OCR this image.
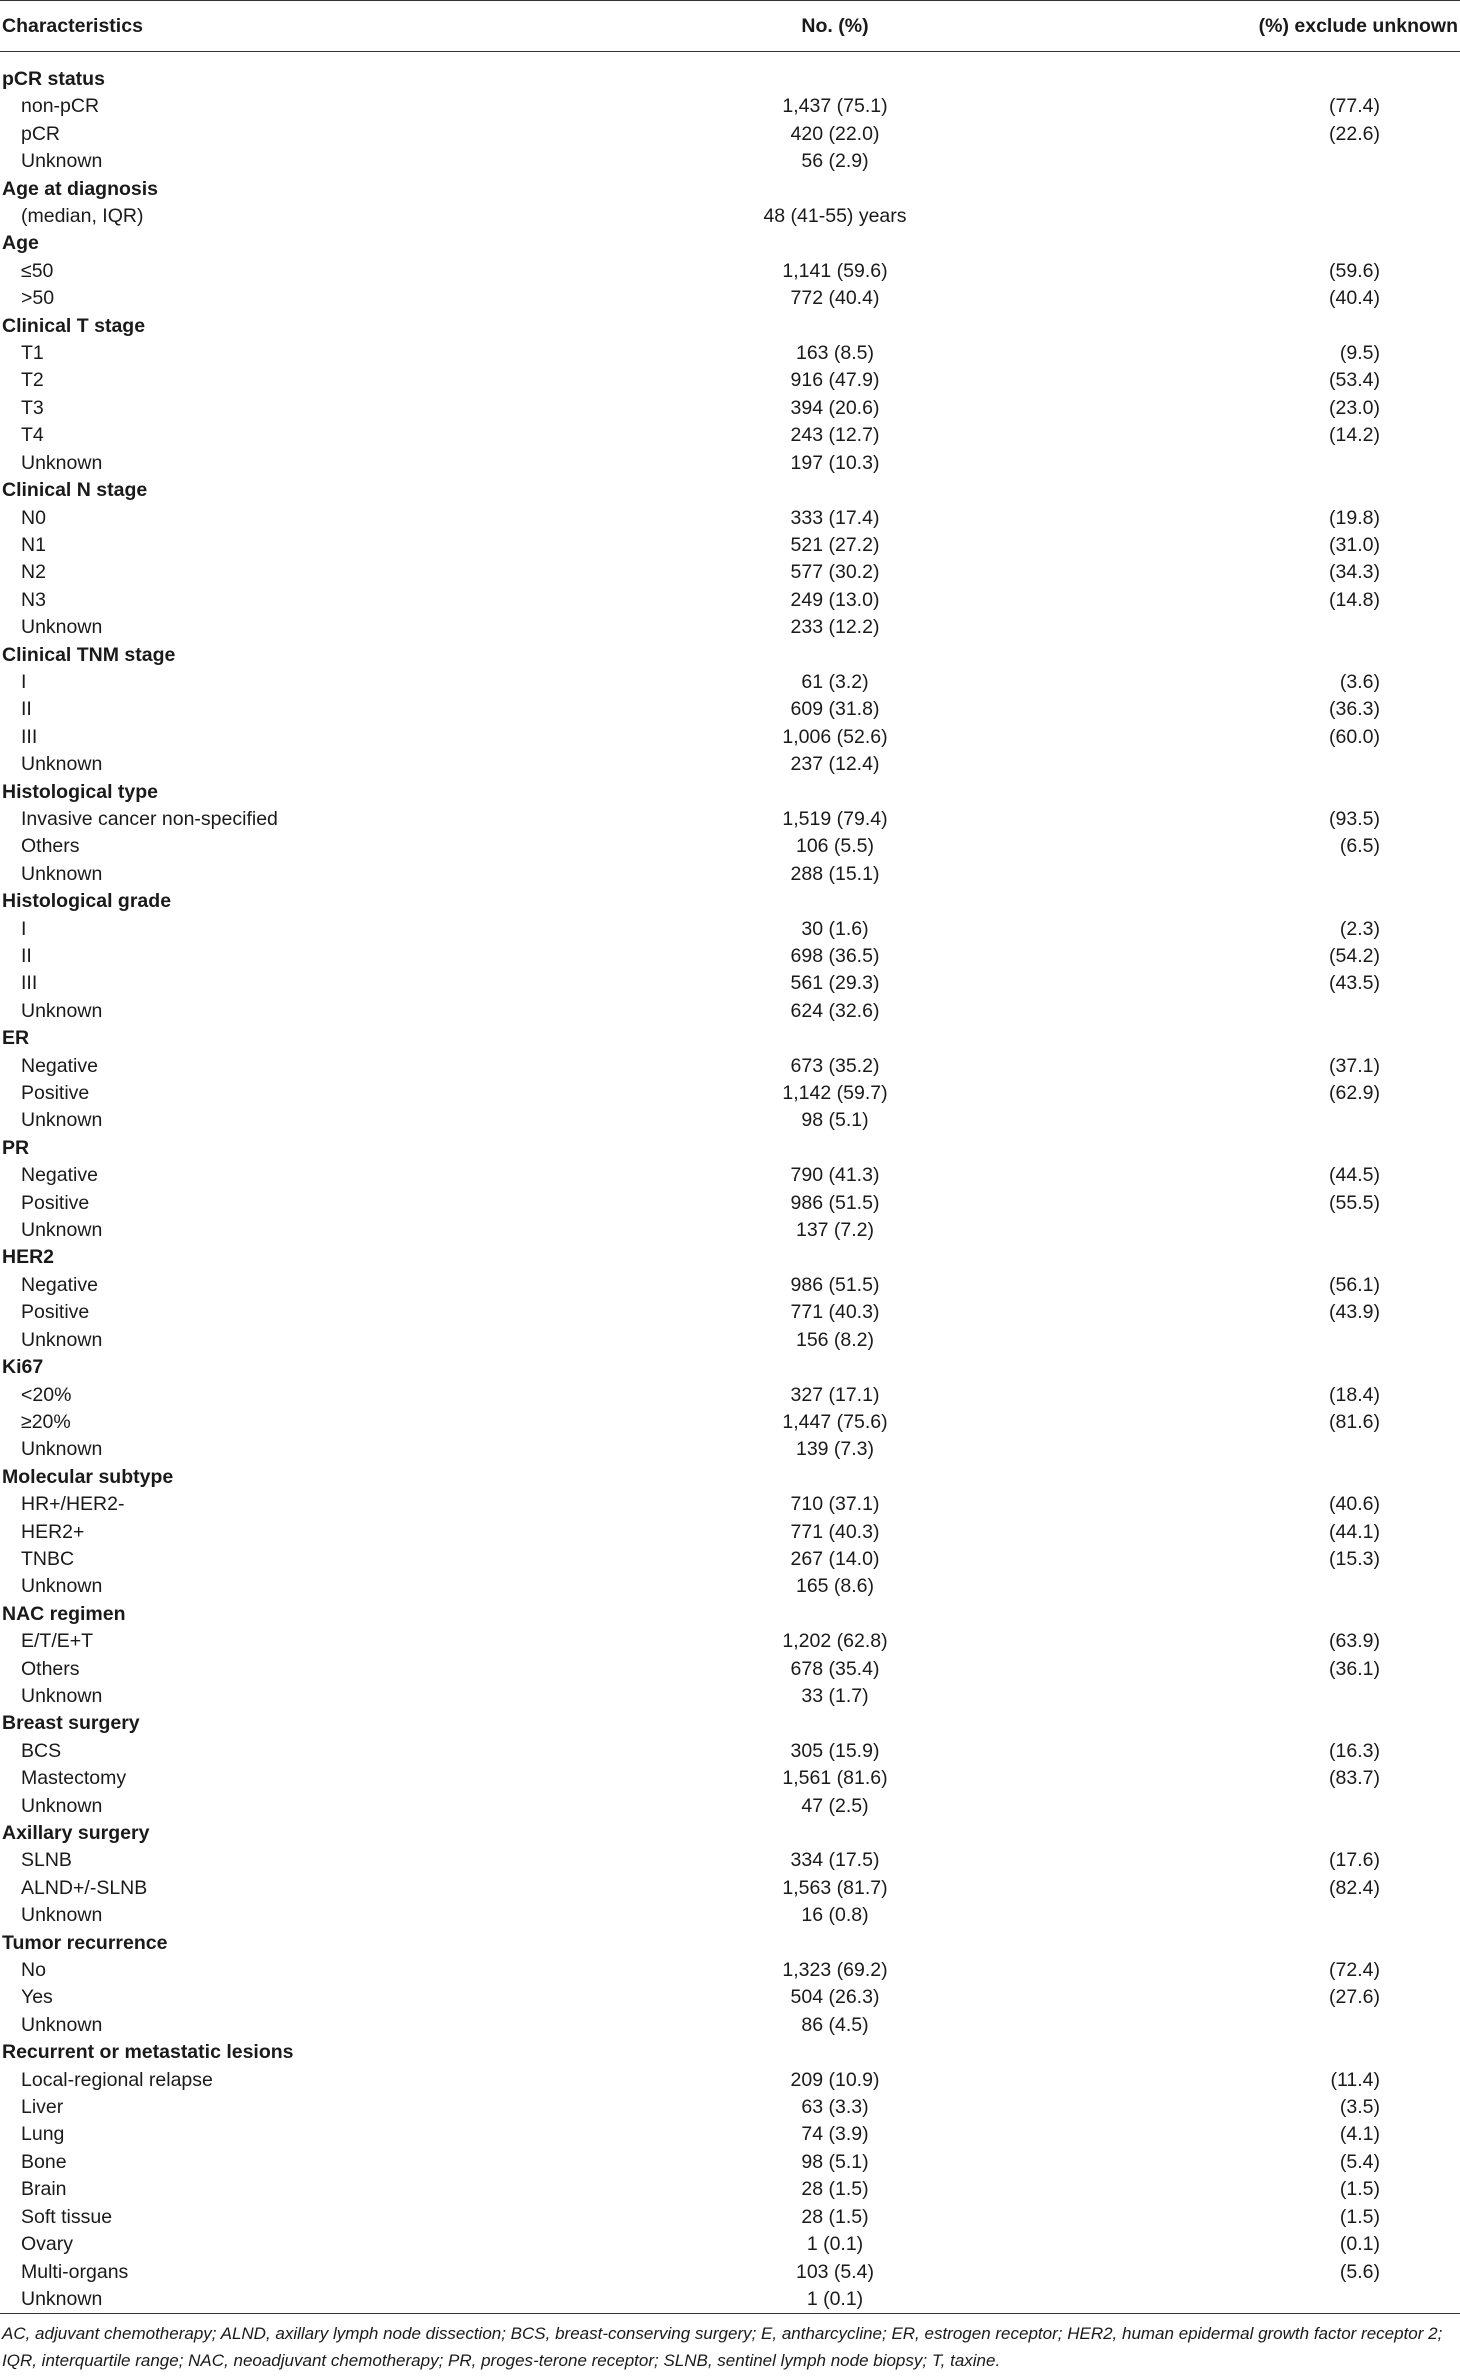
Characteristics	No. (%)	(%) exclude unknown
pCR status		
non-pCR	1,437 (75.1)	(77.4)
pCR	420 (22.0)	(22.6)
Unknown	56 (2.9)	
Age at diagnosis		
(median, IQR)	48 (41-55) years	
Age		
≤50	1,141 (59.6)	(59.6)
>50	772 (40.4)	(40.4)
Clinical T stage		
T1	163 (8.5)	(9.5)
T2	916 (47.9)	(53.4)
T3	394 (20.6)	(23.0)
T4	243 (12.7)	(14.2)
Unknown	197 (10.3)	
Clinical N stage		
N0	333 (17.4)	(19.8)
N1	521 (27.2)	(31.0)
N2	577 (30.2)	(34.3)
N3	249 (13.0)	(14.8)
Unknown	233 (12.2)	
Clinical TNM stage		
I	61 (3.2)	(3.6)
II	609 (31.8)	(36.3)
III	1,006 (52.6)	(60.0)
Unknown	237 (12.4)	
Histological type		
Invasive cancer non-specified	1,519 (79.4)	(93.5)
Others	106 (5.5)	(6.5)
Unknown	288 (15.1)	
Histological grade		
I	30 (1.6)	(2.3)
II	698 (36.5)	(54.2)
III	561 (29.3)	(43.5)
Unknown	624 (32.6)	
ER		
Negative	673 (35.2)	(37.1)
Positive	1,142 (59.7)	(62.9)
Unknown	98 (5.1)	
PR		
Negative	790 (41.3)	(44.5)
Positive	986 (51.5)	(55.5)
Unknown	137 (7.2)	
HER2		
Negative	986 (51.5)	(56.1)
Positive	771 (40.3)	(43.9)
Unknown	156 (8.2)	
Ki67		
<20%	327 (17.1)	(18.4)
≥20%	1,447 (75.6)	(81.6)
Unknown	139 (7.3)	
Molecular subtype		
HR+/HER2-	710 (37.1)	(40.6)
HER2+	771 (40.3)	(44.1)
TNBC	267 (14.0)	(15.3)
Unknown	165 (8.6)	
NAC regimen		
E/T/E+T	1,202 (62.8)	(63.9)
Others	678 (35.4)	(36.1)
Unknown	33 (1.7)	
Breast surgery		
BCS	305 (15.9)	(16.3)
Mastectomy	1,561 (81.6)	(83.7)
Unknown	47 (2.5)	
Axillary surgery		
SLNB	334 (17.5)	(17.6)
ALND+/-SLNB	1,563 (81.7)	(82.4)
Unknown	16 (0.8)	
Tumor recurrence		
No	1,323 (69.2)	(72.4)
Yes	504 (26.3)	(27.6)
Unknown	86 (4.5)	
Recurrent or metastatic lesions		
Local-regional relapse	209 (10.9)	(11.4)
Liver	63 (3.3)	(3.5)
Lung	74 (3.9)	(4.1)
Bone	98 (5.1)	(5.4)
Brain	28 (1.5)	(1.5)
Soft tissue	28 (1.5)	(1.5)
Ovary	1 (0.1)	(0.1)
Multi-organs	103 (5.4)	(5.6)
Unknown	1 (0.1)	
AC, adjuvant chemotherapy; ALND, axillary lymph node dissection; BCS, breast-conserving surgery; E, antharcycline; ER, estrogen receptor; HER2, human epidermal growth factor receptor 2; IQR, interquartile range; NAC, neoadjuvant chemotherapy; PR, proges-terone receptor; SLNB, sentinel lymph node biopsy; T, taxine.
